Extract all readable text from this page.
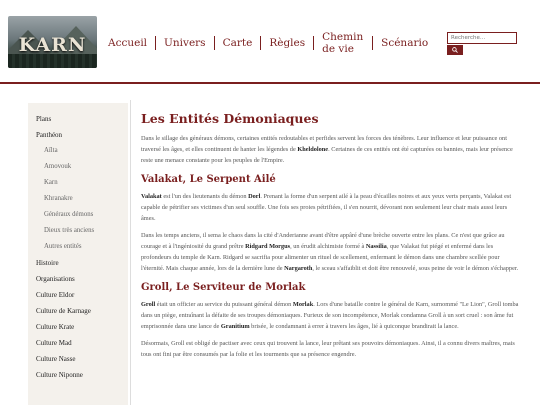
KARN	Accueil	Univers	Carte	Règles	Chemin de vie	Scénario
Recherche…
Plans
Panthéon
Aïlta
Amovouk
Karn
Khranakre
Généraux démons
Dieux très anciens
Autres entités
Histoire
Organisations
Culture Eldor
Culture de Karnage
Culture Krate
Culture Mad
Culture Nasse
Culture Niponne
Les Entités Démoniaques

Dans le sillage des généraux démons, certaines entités redoutables et perfides servent les forces des ténèbres. Leur influence et leur puissance ont traversé les âges, et elles continuent de hanter les légendes de Kheldolone. Certaines de ces entités ont été capturées ou bannies, mais leur présence reste une menace constante pour les peuples de l'Empire.

Valakat, Le Serpent Ailé

Valakat est l'un des lieutenants du démon Dorl. Prenant la forme d'un serpent ailé à la peau d'écailles noires et aux yeux verts perçants, Valakat est capable de pétrifier ses victimes d'un seul souffle. Une fois ses proies pétrifiées, il s'en nourrit, dévorant non seulement leur chair mais aussi leurs âmes.

Dans les temps anciens, il sema le chaos dans la cité d'Anderianne avant d'être appâré d'une brèche ouverte entre les plans. Ce n'est que grâce au courage et à l'ingéniosité du grand prêtre Ridgard Morgus, un érudit alchimiste formé à Nassilia, que Valakat fut piégé et enfermé dans les profondeurs du temple de Karn. Ridgard se sacrifia pour alimenter un rituel de scellement, enfermant le démon dans une chambre scellée pour l'éternité. Mais chaque année, lors de la dernière lune de Nargaroth, le sceau s'affaiblit et doit être renouvelé, sous peine de voir le démon s'échapper.

Groll, Le Serviteur de Morlak

Groll était un officier au service du puissant général démon Morlak. Lors d'une bataille contre le général de Karn, surnommé "Le Lion", Groll tomba dans un piège, entraînant la défaite de ses troupes démoniaques. Furieux de son incompétence, Morlak condamna Groll à un sort cruel : son âme fut emprisonnée dans une lance de Granitium brisée, le condamnant à errer à travers les âges, lié à quiconque brandirait la lance.

Désormais, Groll est obligé de pactiser avec ceux qui trouvent la lance, leur prêtant ses pouvoirs démoniaques. Ainsi, il a connu divers maîtres, mais tous ont fini par être consumés par la folie et les tourments que sa présence engendre.
